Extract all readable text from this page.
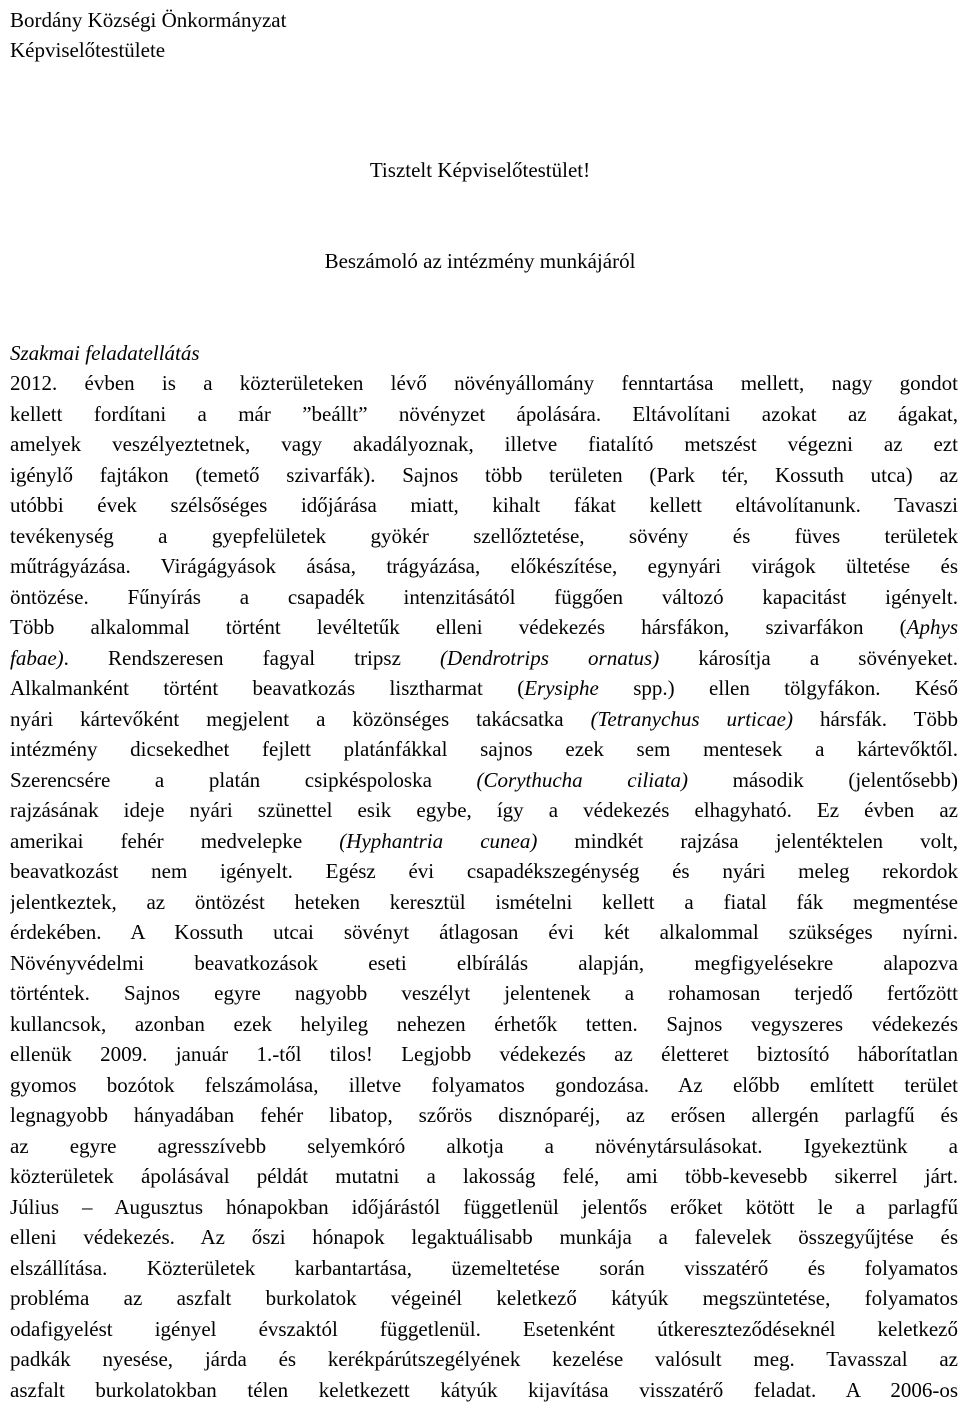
Bordány Községi Önkormányzat
Képviselőtestülete
Tisztelt Képviselőtestület!
Beszámoló az intézmény munkájáról
Szakmai feladatellátás
2012. évben is a közterületeken lévő növényállomány fenntartása mellett, nagy gondot
kellett fordítani a már ”beállt” növényzet ápolására. Eltávolítani azokat az ágakat,
amelyek veszélyeztetnek, vagy akadályoznak, illetve fiatalító metszést végezni az ezt
igénylő fajtákon (temető szivarfák). Sajnos több területen (Park tér, Kossuth utca) az
utóbbi évek szélsőséges időjárása miatt, kihalt fákat kellett eltávolítanunk. Tavaszi
tevékenység a gyepfelületek gyökér szellőztetése, sövény és füves területek
műtrágyázása. Virágágyások ásása, trágyázása, előkészítése, egynyári virágok ültetése és
öntözése. Fűnyírás a csapadék intenzitásától függően változó kapacitást igényelt.
Több alkalommal történt levéltetűk elleni védekezés hársfákon, szivarfákon (Aphys
fabae). Rendszeresen fagyal tripsz (Dendrotrips ornatus) károsítja a sövényeket.
Alkalmanként történt beavatkozás lisztharmat (Erysiphe spp.) ellen tölgyfákon. Késő
nyári kártevőként megjelent a közönséges takácsatka (Tetranychus urticae) hársfák. Több
intézmény dicsekedhet fejlett platánfákkal sajnos ezek sem mentesek a kártevőktől.
Szerencsére a platán csipkéspoloska (Corythucha ciliata) második (jelentősebb)
rajzásának ideje nyári szünettel esik egybe, így a védekezés elhagyható. Ez évben az
amerikai fehér medvelepke (Hyphantria cunea) mindkét rajzása jelentéktelen volt,
beavatkozást nem igényelt. Egész évi csapadékszegénység és nyári meleg rekordok
jelentkeztek, az öntözést heteken keresztül ismételni kellett a fiatal fák megmentése
érdekében. A Kossuth utcai sövényt átlagosan évi két alkalommal szükséges nyírni.
Növényvédelmi beavatkozások eseti elbírálás alapján, megfigyelésekre alapozva
történtek. Sajnos egyre nagyobb veszélyt jelentenek a rohamosan terjedő fertőzött
kullancsok, azonban ezek helyileg nehezen érhetők tetten. Sajnos vegyszeres védekezés
ellenük 2009. január 1.-től tilos! Legjobb védekezés az életteret biztosító háborítatlan
gyomos bozótok felszámolása, illetve folyamatos gondozása. Az előbb említett terület
legnagyobb hányadában fehér libatop, szőrös disznóparéj, az erősen allergén parlagfű és
az egyre agresszívebb selyemkóró alkotja a növénytársulásokat. Igyekeztünk a
közterületek ápolásával példát mutatni a lakosság felé, ami több-kevesebb sikerrel járt.
Július – Augusztus hónapokban időjárástól függetlenül jelentős erőket kötött le a parlagfű
elleni védekezés. Az őszi hónapok legaktuálisabb munkája a falevelek összegyűjtése és
elszállítása. Közterületek karbantartása, üzemeltetése során visszatérő és folyamatos
probléma az aszfalt burkolatok végeinél keletkező kátyúk megszüntetése, folyamatos
odafigyelést igényel évszaktól függetlenül. Esetenként útkereszteződéseknél keletkező
padkák nyesése, járda és kerékpárútszegélyének kezelése valósult meg. Tavasszal az
aszfalt burkolatokban télen keletkezett kátyúk kijavítása visszatérő feladat. A 2006-os
